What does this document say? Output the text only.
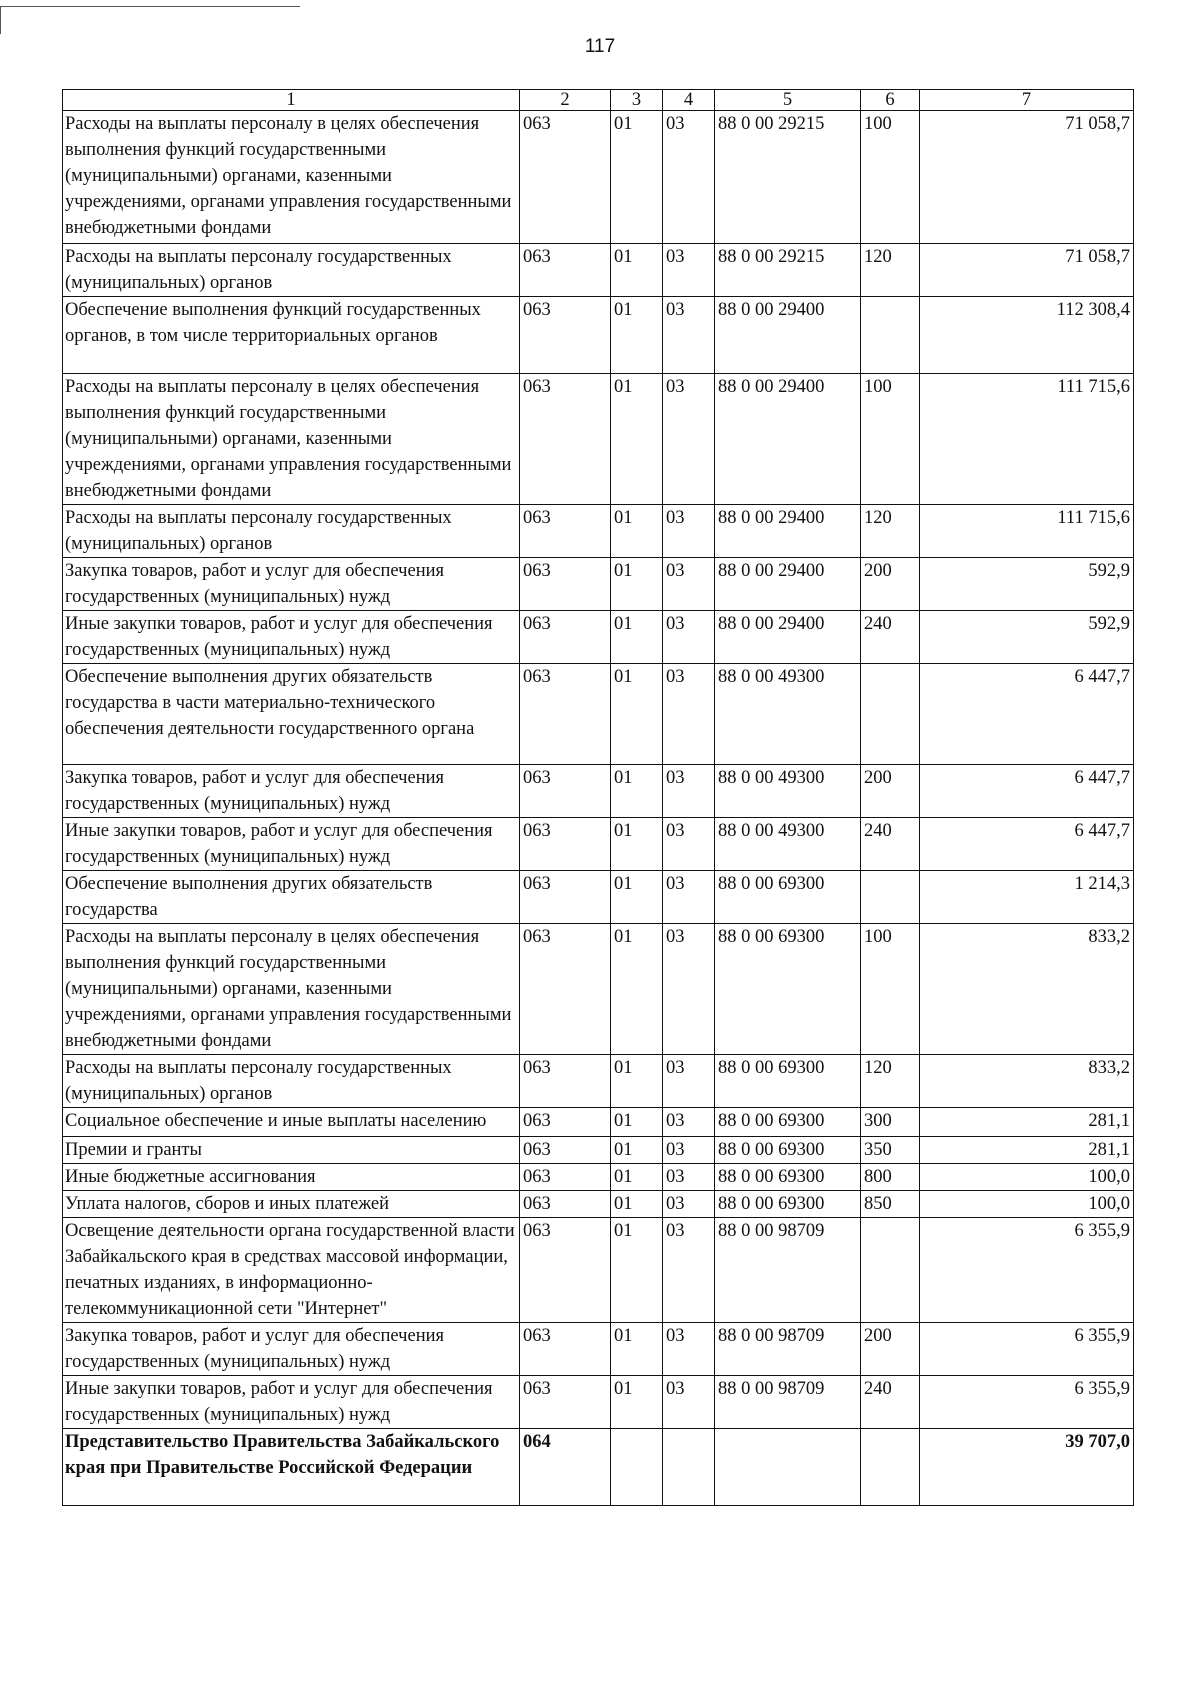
117
1	2	3	4	5	6	7
Расходы на выплаты персоналу в целях обеспечения выполнения функций государственными (муниципальными) органами, казенными учреждениями, органами управления государственными внебюджетными фондами	063	01	03	88 0 00 29215	100	71 058,7
Расходы на выплаты персоналу государственных (муниципальных) органов	063	01	03	88 0 00 29215	120	71 058,7
Обеспечение выполнения функций государственных органов, в том числе территориальных органов	063	01	03	88 0 00 29400		112 308,4
Расходы на выплаты персоналу в целях обеспечения выполнения функций государственными (муниципальными) органами, казенными учреждениями, органами управления государственными внебюджетными фондами	063	01	03	88 0 00 29400	100	111 715,6
Расходы на выплаты персоналу государственных (муниципальных) органов	063	01	03	88 0 00 29400	120	111 715,6
Закупка товаров, работ и услуг для обеспечения государственных (муниципальных) нужд	063	01	03	88 0 00 29400	200	592,9
Иные закупки товаров, работ и услуг для обеспечения государственных (муниципальных) нужд	063	01	03	88 0 00 29400	240	592,9
Обеспечение выполнения других обязательств государства в части материально-технического обеспечения деятельности государственного органа	063	01	03	88 0 00 49300		6 447,7
Закупка товаров, работ и услуг для обеспечения государственных (муниципальных) нужд	063	01	03	88 0 00 49300	200	6 447,7
Иные закупки товаров, работ и услуг для обеспечения государственных (муниципальных) нужд	063	01	03	88 0 00 49300	240	6 447,7
Обеспечение выполнения других обязательств государства	063	01	03	88 0 00 69300		1 214,3
Расходы на выплаты персоналу в целях обеспечения выполнения функций государственными (муниципальными) органами, казенными учреждениями, органами управления государственными внебюджетными фондами	063	01	03	88 0 00 69300	100	833,2
Расходы на выплаты персоналу государственных (муниципальных) органов	063	01	03	88 0 00 69300	120	833,2
Социальное обеспечение и иные выплаты населению	063	01	03	88 0 00 69300	300	281,1
Премии и гранты	063	01	03	88 0 00 69300	350	281,1
Иные бюджетные ассигнования	063	01	03	88 0 00 69300	800	100,0
Уплата налогов, сборов и иных платежей	063	01	03	88 0 00 69300	850	100,0
Освещение деятельности органа государственной власти Забайкальского края в средствах массовой информации, печатных изданиях, в информационно-телекоммуникационной сети "Интернет"	063	01	03	88 0 00 98709		6 355,9
Закупка товаров, работ и услуг для обеспечения государственных (муниципальных) нужд	063	01	03	88 0 00 98709	200	6 355,9
Иные закупки товаров, работ и услуг для обеспечения государственных (муниципальных) нужд	063	01	03	88 0 00 98709	240	6 355,9
Представительство Правительства Забайкальского края при Правительстве Российской Федерации	064					39 707,0
